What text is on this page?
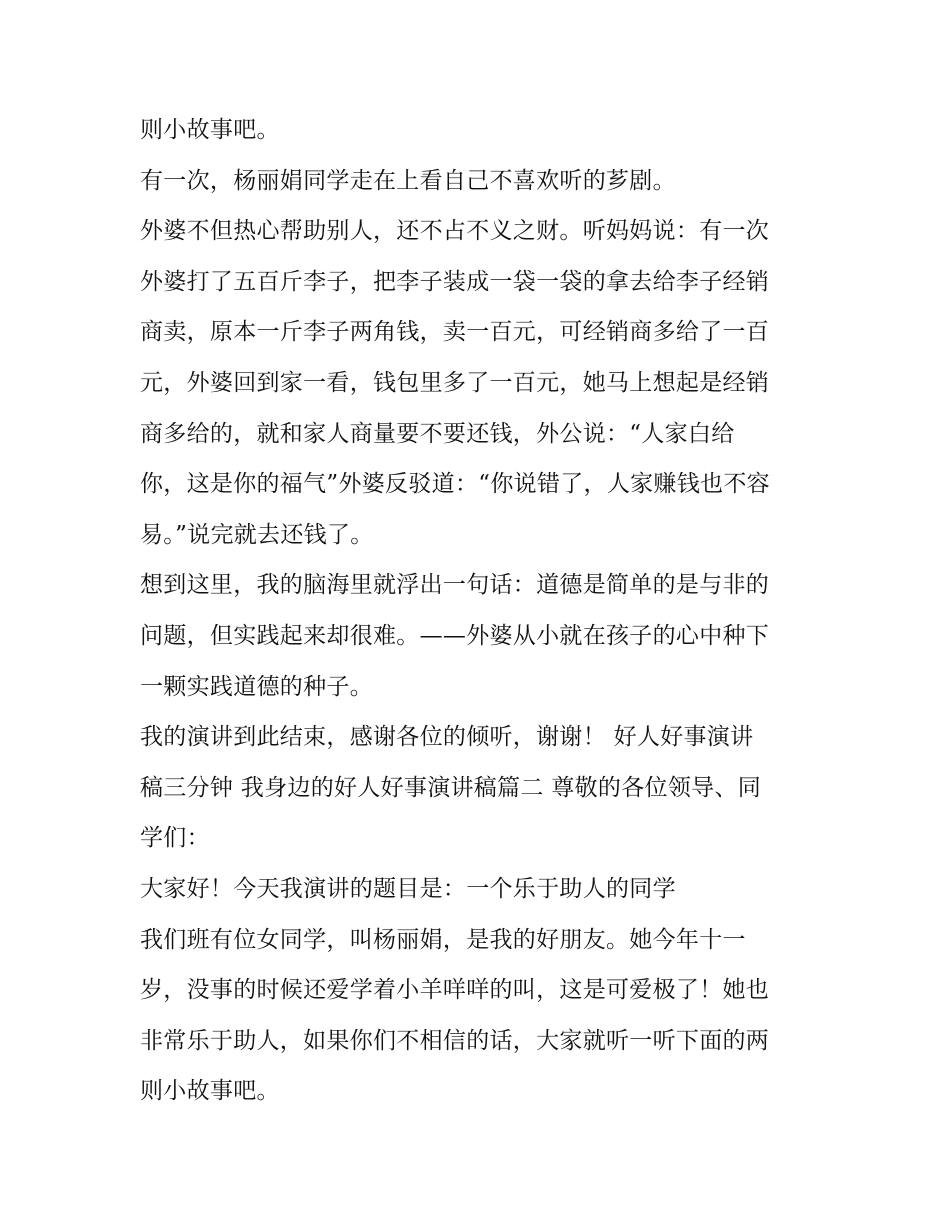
则小故事吧。
有一次，杨丽娟同学走在上看自己不喜欢听的芗剧。
外婆不但热心帮助别人，还不占不义之财。听妈妈说：有一次
外婆打了五百斤李子，把李子装成一袋一袋的拿去给李子经销
商卖，原本一斤李子两角钱，卖一百元，可经销商多给了一百
元，外婆回到家一看，钱包里多了一百元，她马上想起是经销
商多给的，就和家人商量要不要还钱，外公说：“人家白给
你，这是你的福气”外婆反驳道：“你说错了，人家赚钱也不容
易。”说完就去还钱了。
想到这里，我的脑海里就浮出一句话：道德是简单的是与非的
问题，但实践起来却很难。——外婆从小就在孩子的心中种下
一颗实践道德的种子。
我的演讲到此结束，感谢各位的倾听，谢谢！ 好人好事演讲
稿三分钟 我身边的好人好事演讲稿篇二 尊敬的各位领导、同
学们：
大家好！今天我演讲的题目是：一个乐于助人的同学
我们班有位女同学，叫杨丽娟，是我的好朋友。她今年十一
岁，没事的时候还爱学着小羊咩咩的叫，这是可爱极了！她也
非常乐于助人，如果你们不相信的话，大家就听一听下面的两
则小故事吧。
